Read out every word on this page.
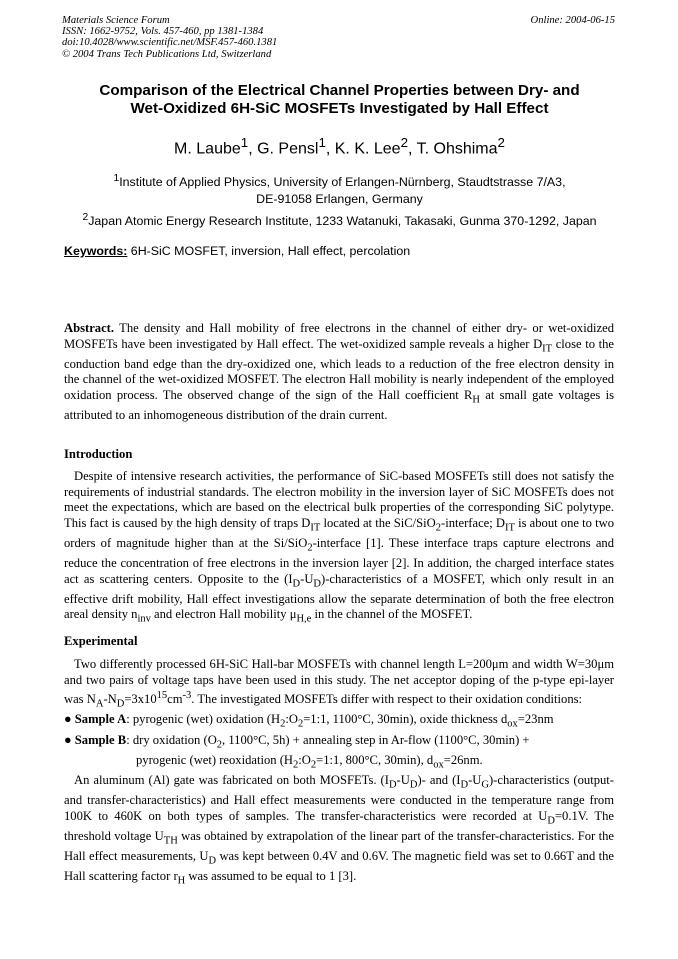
Materials Science Forum
ISSN: 1662-9752, Vols. 457-460, pp 1381-1384
doi:10.4028/www.scientific.net/MSF.457-460.1381
© 2004 Trans Tech Publications Ltd, Switzerland
Online: 2004-06-15
Comparison of the Electrical Channel Properties between Dry- and
Wet-Oxidized 6H-SiC MOSFETs Investigated by Hall Effect
M. Laube$^1$, G. Pensl$^1$, K. K. Lee$^2$, T. Ohshima$^2$
$^1$Institute of Applied Physics, University of Erlangen-Nürnberg, Staudtstrasse 7/A3,
DE-91058 Erlangen, Germany
$^2$Japan Atomic Energy Research Institute, 1233 Watanuki, Takasaki, Gunma 370-1292, Japan
Keywords: 6H-SiC MOSFET, inversion, Hall effect, percolation

Abstract. The density and Hall mobility of free electrons in the channel of either dry- or wet-oxidized MOSFETs have been investigated by Hall effect. The wet-oxidized sample reveals a higher $D_{IT}$ close to the conduction band edge than the dry-oxidized one, which leads to a reduction of the free electron density in the channel of the wet-oxidized MOSFET. The electron Hall mobility is nearly independent of the employed oxidation process. The observed change of the sign of the Hall coefficient $R_H$ at small gate voltages is attributed to an inhomogeneous distribution of the drain current.

Introduction

Despite of intensive research activities, the performance of SiC-based MOSFETs still does not satisfy the requirements of industrial standards. The electron mobility in the inversion layer of SiC MOSFETs does not meet the expectations, which are based on the electrical bulk properties of the corresponding SiC polytype. This fact is caused by the high density of traps $D_{IT}$ located at the SiC/SiO$_2$-interface; $D_{IT}$ is about one to two orders of magnitude higher than at the Si/SiO$_2$-interface [1]. These interface traps capture electrons and reduce the concentration of free electrons in the inversion layer [2]. In addition, the charged interface states act as scattering centers. Opposite to the $(I_D-U_D)$-characteristics of a MOSFET, which only result in an effective drift mobility, Hall effect investigations allow the separate determination of both the free electron areal density $n_{inv}$ and electron Hall mobility $\mu_{H,e}$ in the channel of the MOSFET.

Experimental

Two differently processed 6H-SiC Hall-bar MOSFETs with channel length L=200μm and width W=30μm and two pairs of voltage taps have been used in this study. The net acceptor doping of the p-type epi-layer was $N_A-N_D=3x10^{15}cm^{-3}$. The investigated MOSFETs differ with respect to their oxidation conditions:

● Sample A: pyrogenic (wet) oxidation ($H_2:O_2=1:1$, 1100°C, 30min), oxide thickness $d_{ox}=23nm$

● Sample B: dry oxidation ($O_2$, 1100°C, 5h) + annealing step in Ar-flow (1100°C, 30min) +

pyrogenic (wet) reoxidation ($H_2:O_2=1:1$, 800°C, 30min), $d_{ox}=26nm$.

An aluminum (Al) gate was fabricated on both MOSFETs. $(I_D-U_D)-$ and $(I_D-U_G)$-characteristics (output- and transfer-characteristics) and Hall effect measurements were conducted in the temperature range from 100K to 460K on both types of samples. The transfer-characteristics were recorded at $U_D=0.1V$. The threshold voltage $U_{TH}$ was obtained by extrapolation of the linear part of the transfer-characteristics. For the Hall effect measurements, $U_D$ was kept between 0.4V and 0.6V. The magnetic field was set to 0.66T and the Hall scattering factor $r_H$ was assumed to be equal to 1 [3].
